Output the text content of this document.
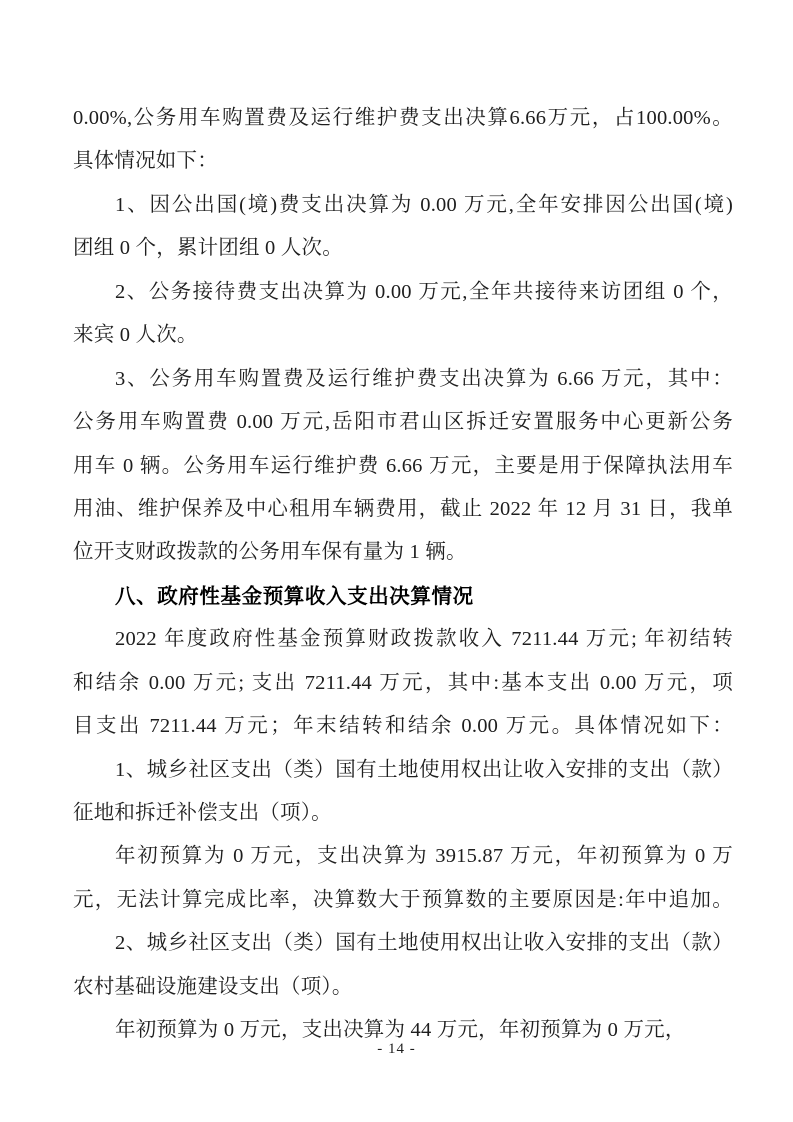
0.00%,公务用车购置费及运行维护费支出决算6.66万元，占100.00%。
具体情况如下：
1、因公出国(境)费支出决算为 0.00 万元,全年安排因公出国(境)
团组 0 个，累计团组 0 人次。
2、公务接待费支出决算为 0.00 万元,全年共接待来访团组 0 个，
来宾 0 人次。
3、公务用车购置费及运行维护费支出决算为 6.66 万元，其中：
公务用车购置费 0.00 万元,岳阳市君山区拆迁安置服务中心更新公务
用车 0 辆。公务用车运行维护费 6.66 万元，主要是用于保障执法用车
用油、维护保养及中心租用车辆费用，截止 2022 年 12 月 31 日，我单
位开支财政拨款的公务用车保有量为 1 辆。
八、政府性基金预算收入支出决算情况
2022 年度政府性基金预算财政拨款收入 7211.44 万元; 年初结转
和结余 0.00 万元; 支出 7211.44 万元，其中:基本支出 0.00 万元，项
目支出 7211.44 万元；年末结转和结余 0.00 万元。具体情况如下：
1、城乡社区支出（类）国有土地使用权出让收入安排的支出（款）
征地和拆迁补偿支出（项）。
年初预算为 0 万元，支出决算为 3915.87 万元，年初预算为 0 万
元，无法计算完成比率，决算数大于预算数的主要原因是:年中追加。
2、城乡社区支出（类）国有土地使用权出让收入安排的支出（款）
农村基础设施建设支出（项）。
年初预算为 0 万元，支出决算为 44 万元，年初预算为 0 万元，
- 14 -
